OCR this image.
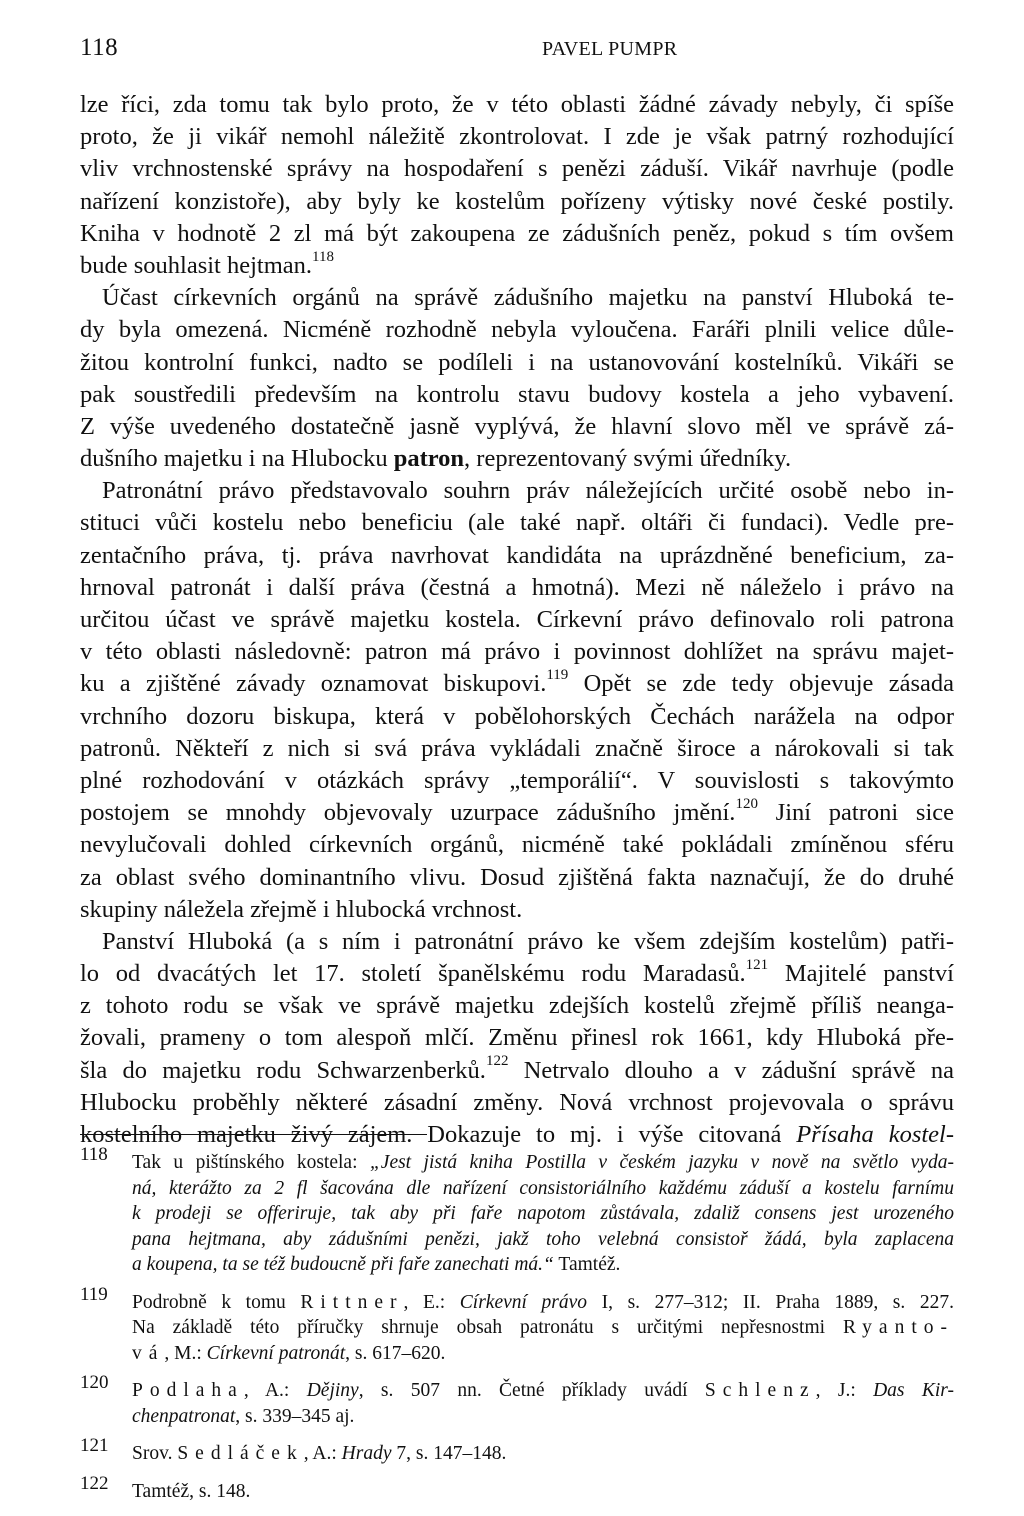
118	PAVEL PUMPR
lze říci, zda tomu tak bylo proto, že v této oblasti žádné závady nebyly, či spíše
proto, že ji vikář nemohl náležitě zkontrolovat. I zde je však patrný rozhodující
vliv vrchnostenské správy na hospodaření s penězi záduší. Vikář navrhuje (podle
nařízení konzistoře), aby byly ke kostelům pořízeny výtisky nové české postily.
Kniha v hodnotě 2 zl má být zakoupena ze zádušních peněz, pokud s tím ovšem
bude souhlasit hejtman.$^{118}$
Účast církevních orgánů na správě zádušního majetku na panství Hluboká te-
dy byla omezená. Nicméně rozhodně nebyla vyloučena. Faráři plnili velice důle-
žitou kontrolní funkci, nadto se podíleli i na ustanovování kostelníků. Vikáři se
pak soustředili především na kontrolu stavu budovy kostela a jeho vybavení.
Z výše uvedeného dostatečně jasně vyplývá, že hlavní slovo měl ve správě zá-
dušního majetku i na Hlubocku patron, reprezentovaný svými úředníky.
Patronátní právo představovalo souhrn práv náležejících určité osobě nebo in-
stituci vůči kostelu nebo beneficiu (ale také např. oltáři či fundaci). Vedle pre-
zentačního práva, tj. práva navrhovat kandidáta na uprázdněné beneficium, za-
hrnoval patronát i další práva (čestná a hmotná). Mezi ně náleželo i právo na
určitou účast ve správě majetku kostela. Církevní právo definovalo roli patrona
v této oblasti následovně: patron má právo i povinnost dohlížet na správu majet-
ku a zjištěné závady oznamovat biskupovi.$^{119}$ Opět se zde tedy objevuje zásada
vrchního dozoru biskupa, která v pobělohorských Čechách narážela na odpor
patronů. Někteří z nich si svá práva vykládali značně široce a nárokovali si tak
plné rozhodování v otázkách správy „temporálií“. V souvislosti s takovýmto
postojem se mnohdy objevovaly uzurpace zádušního jmění.$^{120}$ Jiní patroni sice
nevylučovali dohled církevních orgánů, nicméně také pokládali zmíněnou sféru
za oblast svého dominantního vlivu. Dosud zjištěná fakta naznačují, že do druhé
skupiny náležela zřejmě i hlubocká vrchnost.
Panství Hluboká (a s ním i patronátní právo ke všem zdejším kostelům) patři-
lo od dvacátých let 17. století španělskému rodu Maradasů.$^{121}$ Majitelé panství
z tohoto rodu se však ve správě majetku zdejších kostelů zřejmě příliš neanga-
žovali, prameny o tom alespoň mlčí. Změnu přinesl rok 1661, kdy Hluboká pře-
šla do majetku rodu Schwarzenberků.$^{122}$ Netrvalo dlouho a v zádušní správě na
Hlubocku proběhly některé zásadní změny. Nová vrchnost projevovala o správu
kostelního majetku živý zájem. Dokazuje to mj. i výše citovaná Přísaha kostel-
118 Tak u pištínského kostela: „Jest jistá kniha Postilla v českém jazyku v nově na světlo vyda-
ná, kterážto za 2 fl šacována dle nařízení consistoriálního každému záduší a kostelu farnímu
k prodeji se offeriruje, tak aby při faře napotom zůstávala, zdaliž consens jest urozeného
pana hejtmana, aby zádušními penězi, jakž toho velebná consistoř žádá, byla zaplacena
a koupena, ta se též budoucně při faře zanechati má.“ Tamtéž.
119 Podrobně k tomu Rittner, E.: Církevní právo I, s. 277–312; II. Praha 1889, s. 227.
Na základě této příručky shrnuje obsah patronátu s určitými nepřesnostmi Ryanto-
vá, M.: Církevní patronát, s. 617–620.
120 Podlaha, A.: Dějiny, s. 507 nn. Četné příklady uvádí Schlenz, J.: Das Kir-
chenpatronat, s. 339–345 aj.
121 Srov. Sedláček, A.: Hrady 7, s. 147–148.
122 Tamtéž, s. 148.
